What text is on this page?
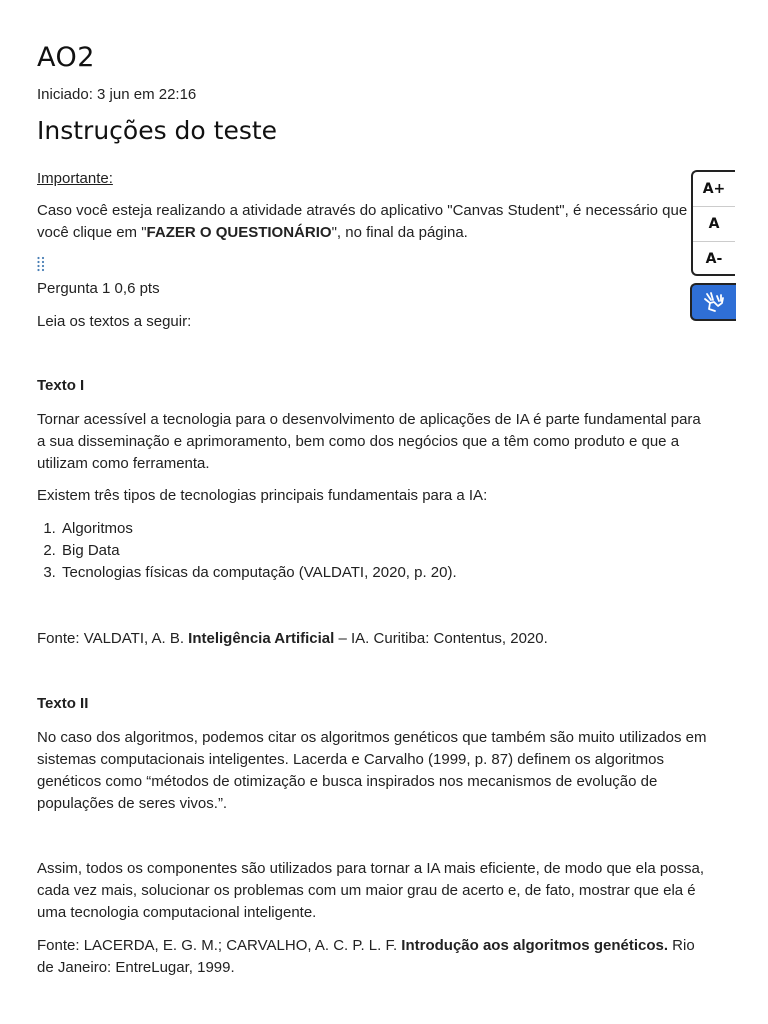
AO2
Iniciado: 3 jun em 22:16
Instruções do teste
Importante:
Caso você esteja realizando a atividade através do aplicativo "Canvas Student", é necessário que
você clique em "FAZER O QUESTIONÁRIO", no final da página.
Pergunta 1 0,6 pts
Leia os textos a seguir:
Texto I
Tornar acessível a tecnologia para o desenvolvimento de aplicações de IA é parte fundamental para
a sua disseminação e aprimoramento, bem como dos negócios que a têm como produto e que a
utilizam como ferramenta.
Existem três tipos de tecnologias principais fundamentais para a IA:
1. Algoritmos
2. Big Data
3. Tecnologias físicas da computação (VALDATI, 2020, p. 20).
Fonte: VALDATI, A. B. Inteligência Artificial – IA. Curitiba: Contentus, 2020.
Texto II
No caso dos algoritmos, podemos citar os algoritmos genéticos que também são muito utilizados em
sistemas computacionais inteligentes. Lacerda e Carvalho (1999, p. 87) definem os algoritmos
genéticos como “métodos de otimização e busca inspirados nos mecanismos de evolução de
populações de seres vivos.”.
Assim, todos os componentes são utilizados para tornar a IA mais eficiente, de modo que ela possa,
cada vez mais, solucionar os problemas com um maior grau de acerto e, de fato, mostrar que ela é
uma tecnologia computacional inteligente.
Fonte: LACERDA, E. G. M.; CARVALHO, A. C. P. L. F. Introdução aos algoritmos genéticos. Rio
de Janeiro: EntreLugar, 1999.
A+
A
A-
